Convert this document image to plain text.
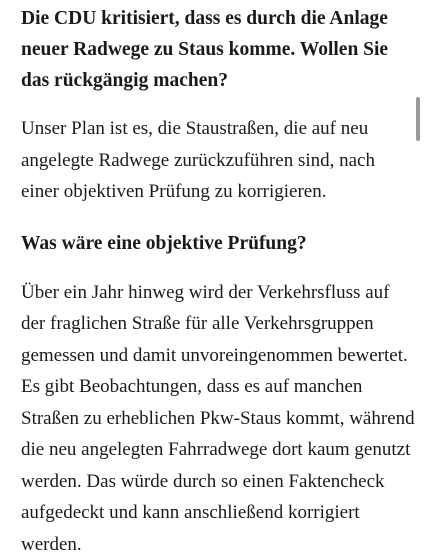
Die CDU kritisiert, dass es durch die Anlage neuer Radwege zu Staus komme. Wollen Sie das rückgängig machen?

Unser Plan ist es, die Staustraßen, die auf neu angelegte Radwege zurückzuführen sind, nach einer objektiven Prüfung zu korrigieren.

Was wäre eine objektive Prüfung?

Über ein Jahr hinweg wird der Verkehrsfluss auf der fraglichen Straße für alle Verkehrsgruppen gemessen und damit unvoreingenommen bewertet. Es gibt Beobachtungen, dass es auf manchen Straßen zu erheblichen Pkw-Staus kommt, während die neu angelegten Fahrradwege dort kaum genutzt werden. Das würde durch so einen Faktencheck aufgedeckt und kann anschließend korrigiert werden.
